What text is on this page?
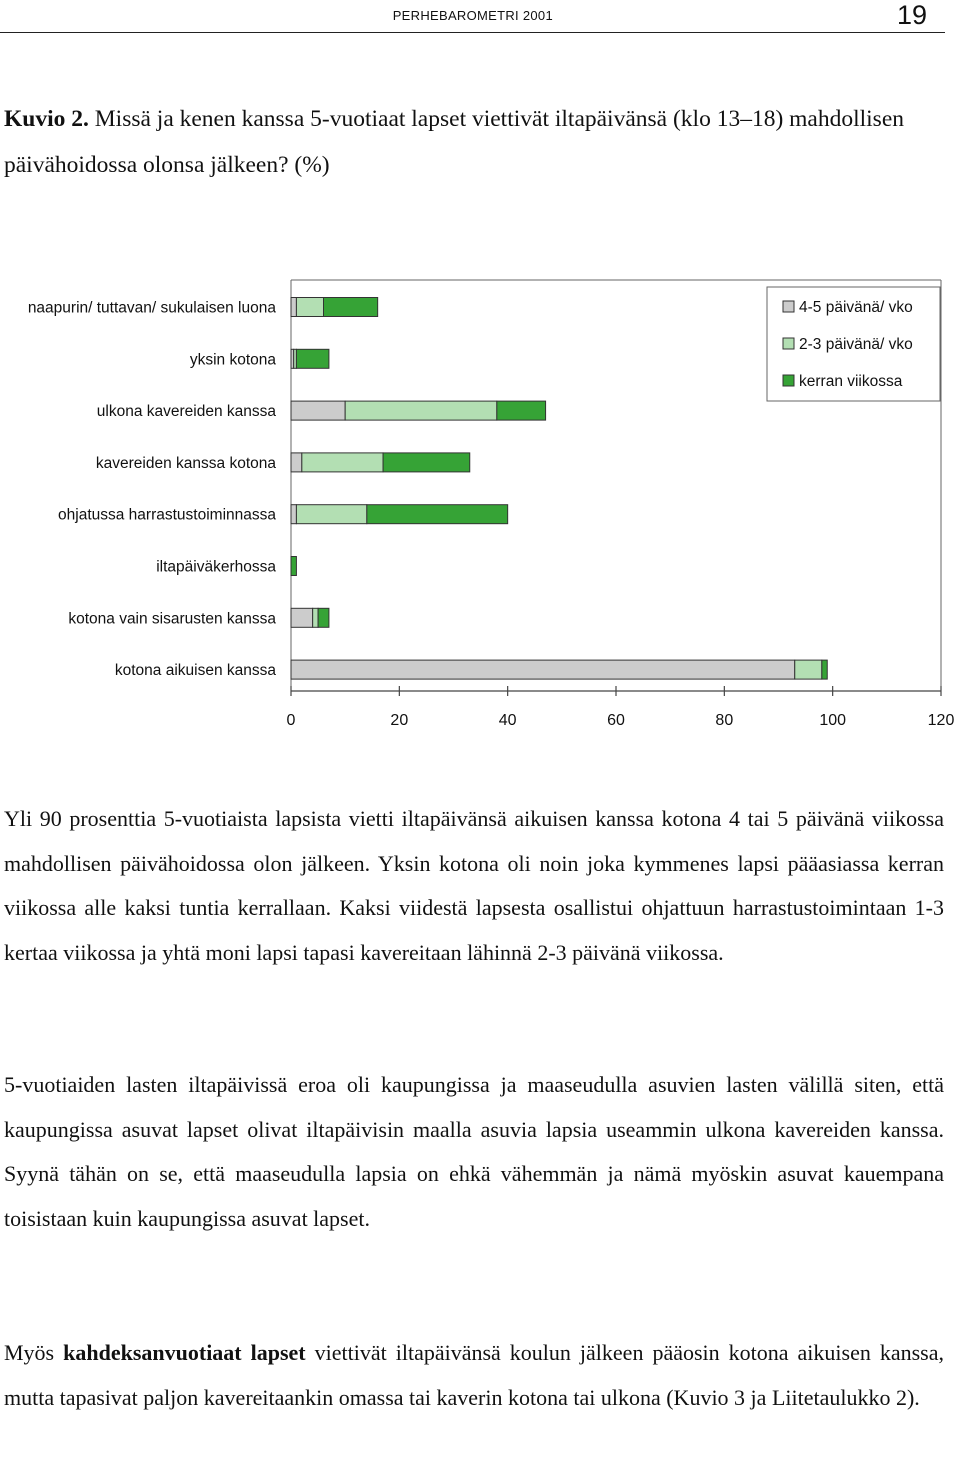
PERHEBAROMETRI 2001	19
Kuvio 2. Missä ja kenen kanssa 5-vuotiaat lapset viettivät iltapäivänsä (klo 13–18) mahdollisen päivähoidossa olonsa jälkeen? (%)
naapurin/ tuttavan/ sukulaisen luona
yksin kotona
ulkona kavereiden kanssa
kavereiden kanssa kotona
ohjatussa harrastustoiminnassa
iltapäiväkerhossa
kotona vain sisarusten kanssa
kotona aikuisen kanssa
0	20	40	60	80	100	120
4-5 päivänä/ vko
2-3 päivänä/ vko
kerran viikossa

Yli 90 prosenttia 5-vuotiaista lapsista vietti iltapäivänsä aikuisen kanssa kotona 4 tai 5 päivänä viikossa mahdollisen päivähoidossa olon jälkeen. Yksin kotona oli noin joka kymmenes lapsi pääasiassa kerran viikossa alle kaksi tuntia kerrallaan. Kaksi viidestä lapsesta osallistui ohjattuun harrastustoimintaan 1-3 kertaa viikossa ja yhtä moni lapsi tapasi kavereitaan lähinnä 2-3 päivänä viikossa.

5-vuotiaiden lasten iltapäivissä eroa oli kaupungissa ja maaseudulla asuvien lasten välillä siten, että kaupungissa asuvat lapset olivat iltapäivisin maalla asuvia lapsia useammin ulkona kavereiden kanssa. Syynä tähän on se, että maaseudulla lapsia on ehkä vähemmän ja nämä myöskin asuvat kauempana toisistaan kuin kaupungissa asuvat lapset.

Myös kahdeksanvuotiaat lapset viettivät iltapäivänsä koulun jälkeen pääosin kotona aikuisen kanssa, mutta tapasivat paljon kavereitaankin omassa tai kaverin kotona tai ulkona (Kuvio 3 ja Liitetaulukko 2).
